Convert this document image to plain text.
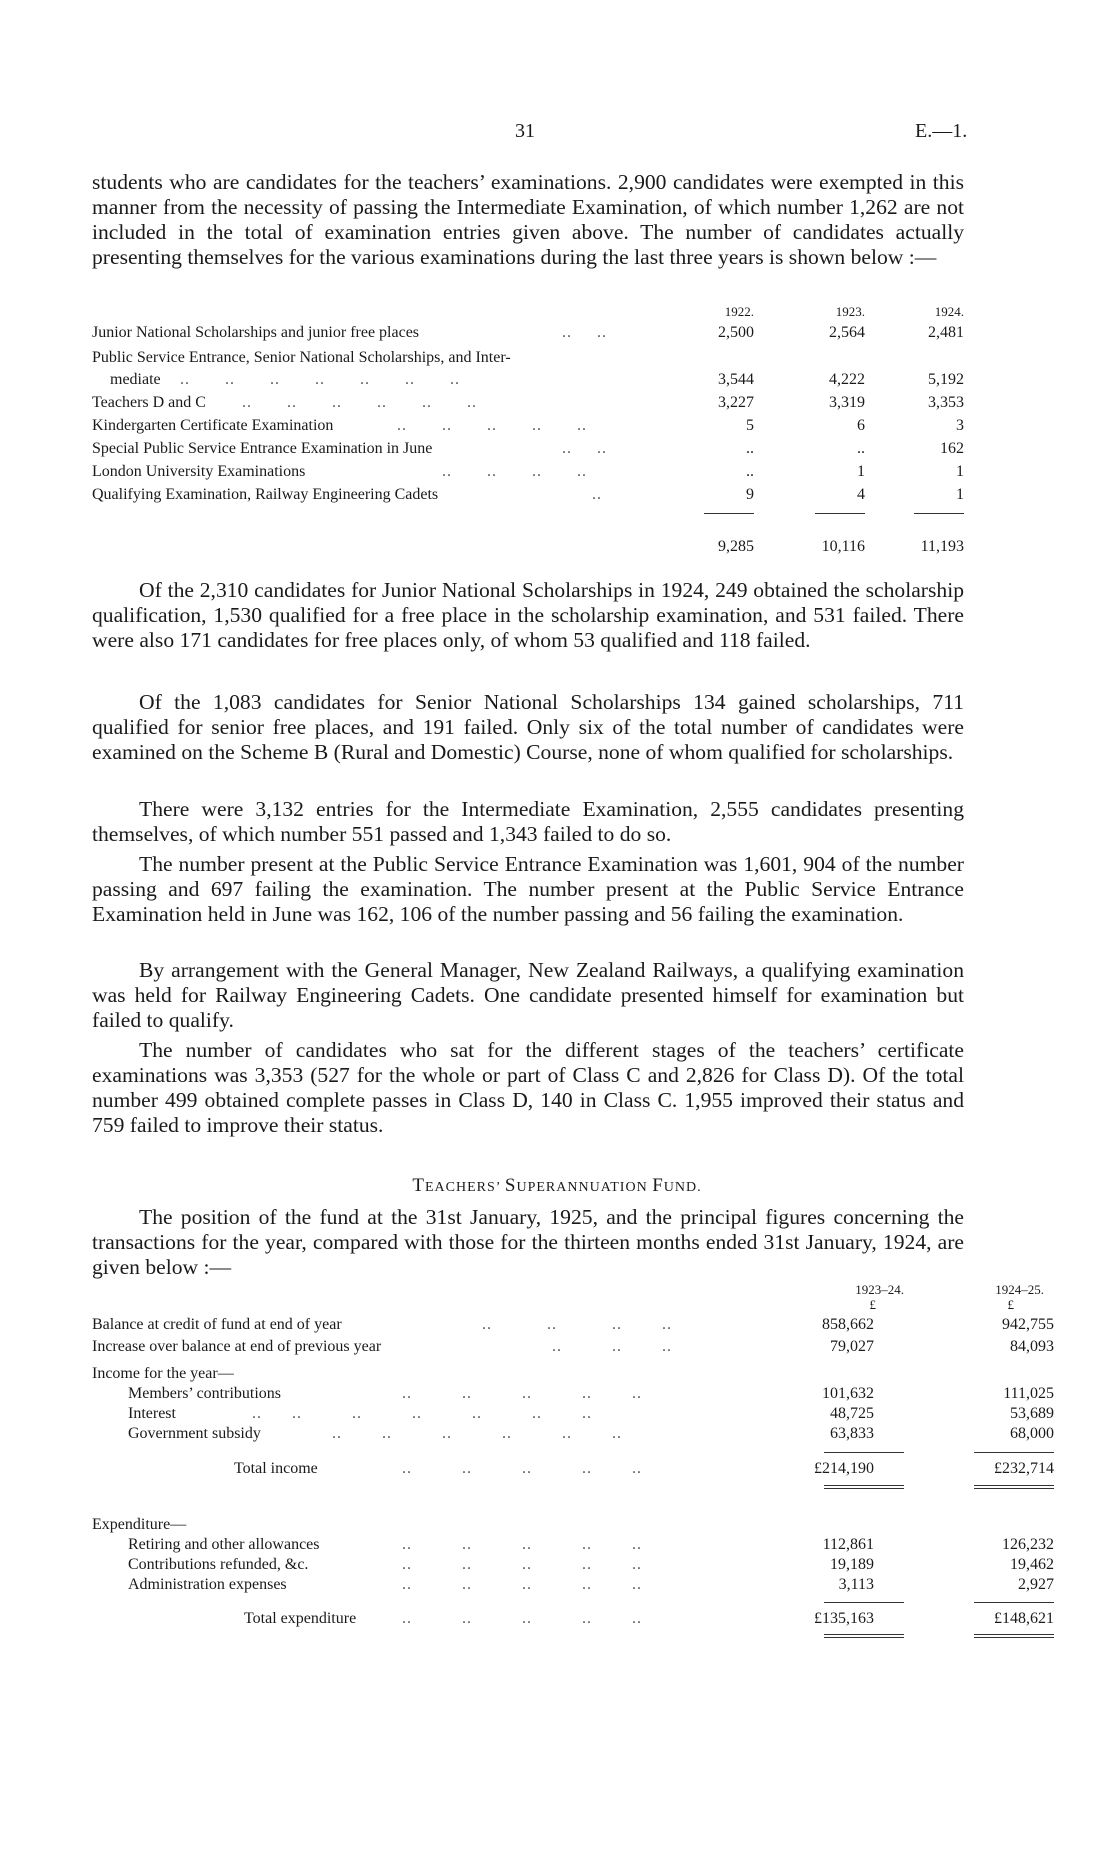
31	E.—1.
students who are candidates for the teachers’ examinations. 2,900 candidates were exempted in this manner from the necessity of passing the Intermediate Examination, of which number 1,262 are not included in the total of examination entries given above. The number of candidates actually presenting themselves for the various examinations during the last three years is shown below :—
1922.	1923.	1924.
Junior National Scholarships and junior free places	..     ..	2,500	2,564	2,481
Public Service Entrance, Senior National Scholarships, and Inter-
mediate ..       ..       ..       ..       ..       ..       ..	3,544	4,222	5,192
Teachers D and C ..       ..       ..       ..       ..       ..	3,227	3,319	3,353
Kindergarten Certificate Examination	..       ..       ..       ..       ..	5	6	3
Special Public Service Entrance Examination in June	..     ..	..	..	162
London University Examinations	..       ..       ..       ..	..	1	1
Qualifying Examination, Railway Engineering Cadets	..	9	4	1
9,285	10,116	11,193
Of the 2,310 candidates for Junior National Scholarships in 1924, 249 obtained the scholarship qualification, 1,530 qualified for a free place in the scholarship examination, and 531 failed. There were also 171 candidates for free places only, of whom 53 qualified and 118 failed.
Of the 1,083 candidates for Senior National Scholarships 134 gained scholarships, 711 qualified for senior free places, and 191 failed. Only six of the total number of candidates were examined on the Scheme B (Rural and Domestic) Course, none of whom qualified for scholarships.
There were 3,132 entries for the Intermediate Examination, 2,555 candidates presenting themselves, of which number 551 passed and 1,343 failed to do so.
The number present at the Public Service Entrance Examination was 1,601, 904 of the number passing and 697 failing the examination. The number present at the Public Service Entrance Examination held in June was 162, 106 of the number passing and 56 failing the examination.
By arrangement with the General Manager, New Zealand Railways, a qualifying examination was held for Railway Engineering Cadets. One candidate presented himself for examination but failed to qualify.
The number of candidates who sat for the different stages of the teachers’ certificate examinations was 3,353 (527 for the whole or part of Class C and 2,826 for Class D). Of the total number 499 obtained complete passes in Class D, 140 in Class C. 1,955 improved their status and 759 failed to improve their status.
TEACHERS’ SUPERANNUATION FUND.
The position of the fund at the 31st January, 1925, and the principal figures concerning the transactions for the year, compared with those for the thirteen months ended 31st January, 1924, are given below :—
1923–24.	1924–25.
£	£
Balance at credit of fund at end of year	..           ..           ..        ..	858,662	942,755
Increase over balance at end of previous year	..          ..        ..	79,027	84,093
Income for the year—
Members’ contributions	..          ..          ..          ..        ..	101,632	111,025
Interest	..      ..          ..          ..          ..          ..        ..	48,725	53,689
Government subsidy	..        ..          ..          ..          ..        ..	63,833	68,000
Total income	..          ..          ..          ..        ..	£214,190	£232,714
Expenditure—
Retiring and other allowances	..          ..          ..          ..        ..	112,861	126,232
Contributions refunded, &c.	..          ..          ..          ..        ..	19,189	19,462
Administration expenses	..          ..          ..          ..        ..	3,113	2,927
Total expenditure	..          ..          ..          ..        ..	£135,163	£148,621
